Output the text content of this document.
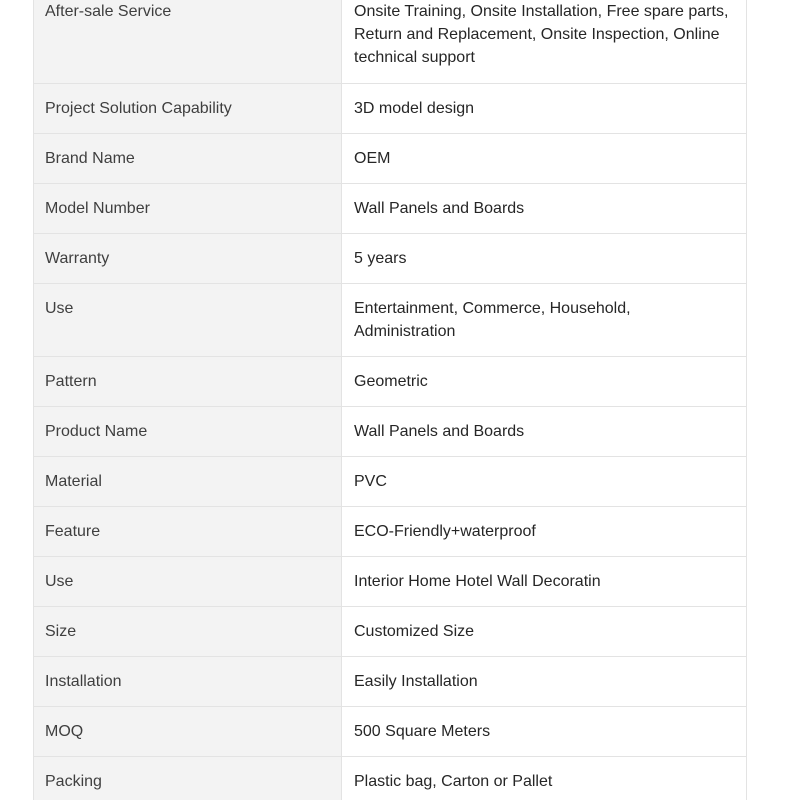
After-sale Service	Onsite Training, Onsite Installation, Free spare parts, Return and Replacement, Onsite Inspection, Online technical support
Project Solution Capability	3D model design
Brand Name	OEM
Model Number	Wall Panels and Boards
Warranty	5 years
Use	Entertainment, Commerce, Household, Administration
Pattern	Geometric
Product Name	Wall Panels and Boards
Material	PVC
Feature	ECO-Friendly+waterproof
Use	Interior Home Hotel Wall Decoratin
Size	Customized Size
Installation	Easily Installation
MOQ	500 Square Meters
Packing	Plastic bag, Carton or Pallet
